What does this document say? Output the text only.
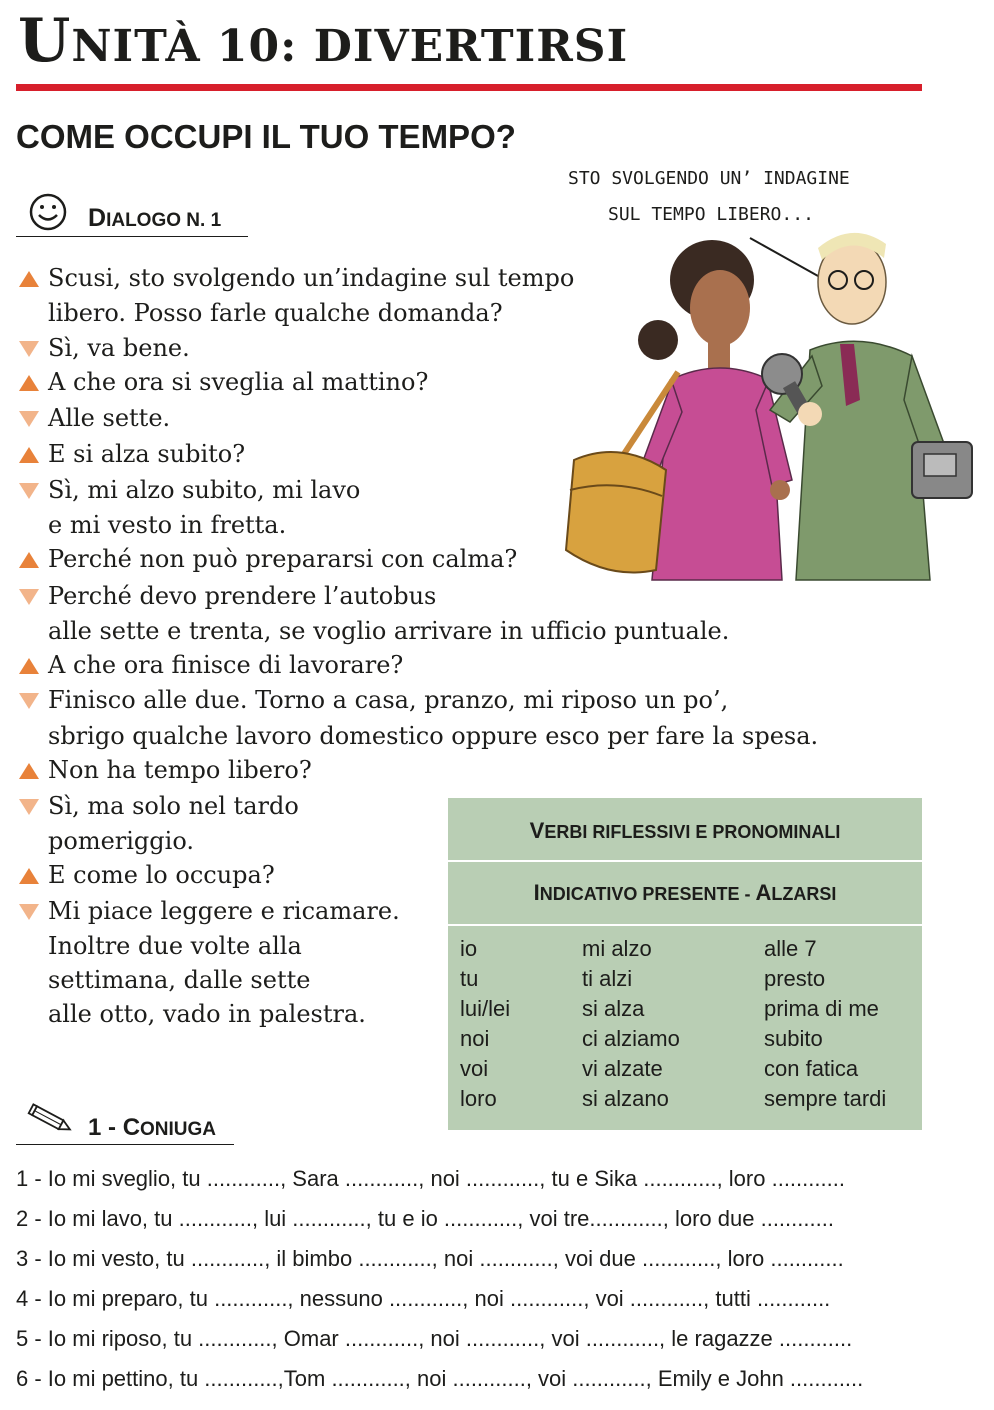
UNITÀ 10: DIVERTIRSI
COME OCCUPI IL TUO TEMPO?
DIALOGO N. 1
Scusi, sto svolgendo un’indagine sul tempo
libero. Posso farle qualche domanda?
Sì, va bene.
A che ora si sveglia al mattino?
Alle sette.
E si alza subito?
Sì, mi alzo subito, mi lavo
e mi vesto in fretta.
Perché non può prepararsi con calma?
Perché devo prendere l’autobus
alle sette e trenta, se voglio arrivare in ufficio puntuale.
A che ora finisce di lavorare?
Finisco alle due. Torno a casa, pranzo, mi riposo un po’,
sbrigo qualche lavoro domestico oppure esco per fare la spesa.
Non ha tempo libero?
Sì, ma solo nel tardo
pomeriggio.
E come lo occupa?
Mi piace leggere e ricamare.
Inoltre due volte alla
settimana, dalle sette
alle otto, vado in palestra.
STO SVOLGENDO UN’ INDAGINE
SUL TEMPO LIBERO...
VERBI RIFLESSIVI E PRONOMINALI
INDICATIVO PRESENTE - ALZARSI
io	mi alzo	alle 7
tu	ti alzi	presto
lui/lei	si alza	prima di me
noi	ci alziamo	subito
voi	vi alzate	con fatica
loro	si alzano	sempre tardi
1 - CONIUGA
1 - Io mi sveglio, tu ............, Sara ............, noi ............, tu e Sika ............, loro ............
2 - Io mi lavo, tu ............, lui ............, tu e io ............, voi tre............, loro due ............
3 - Io mi vesto, tu ............, il bimbo ............, noi ............, voi due ............, loro ............
4 - Io mi preparo, tu ............, nessuno ............, noi ............, voi ............, tutti ............
5 - Io mi riposo, tu ............, Omar ............, noi ............, voi ............, le ragazze ............
6 - Io mi pettino, tu ............,Tom ............, noi ............, voi ............, Emily e John ............
